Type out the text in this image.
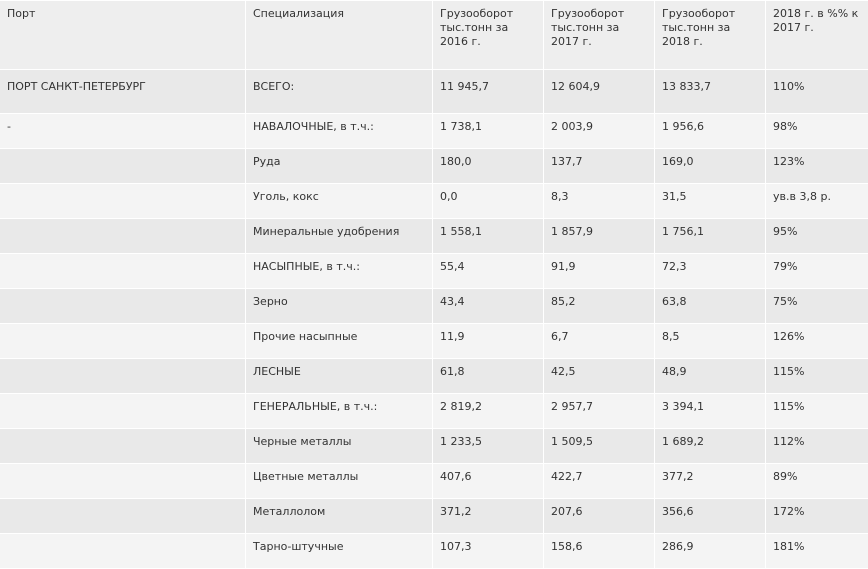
Порт	Специализация	Грузооборот тыс.тонн за 2016 г.	Грузооборот тыс.тонн за 2017 г.	Грузооборот тыс.тонн за 2018 г.	2018 г. в %% к 2017 г.
ПОРТ САНКТ-ПЕТЕРБУРГ	ВСЕГО:	11 945,7	12 604,9	13 833,7	110%
-	НАВАЛОЧНЫЕ, в т.ч.:	1 738,1	2 003,9	1 956,6	98%
	Руда	180,0	137,7	169,0	123%
	Уголь, кокс	0,0	8,3	31,5	ув.в 3,8 р.
	Минеральные удобрения	1 558,1	1 857,9	1 756,1	95%
	НАСЫПНЫЕ, в т.ч.:	55,4	91,9	72,3	79%
	Зерно	43,4	85,2	63,8	75%
	Прочие насыпные	11,9	6,7	8,5	126%
	ЛЕСНЫЕ	61,8	42,5	48,9	115%
	ГЕНЕРАЛЬНЫЕ, в т.ч.:	2 819,2	2 957,7	3 394,1	115%
	Черные металлы	1 233,5	1 509,5	1 689,2	112%
	Цветные металлы	407,6	422,7	377,2	89%
	Металлолом	371,2	207,6	356,6	172%
	Тарно-штучные	107,3	158,6	286,9	181%
